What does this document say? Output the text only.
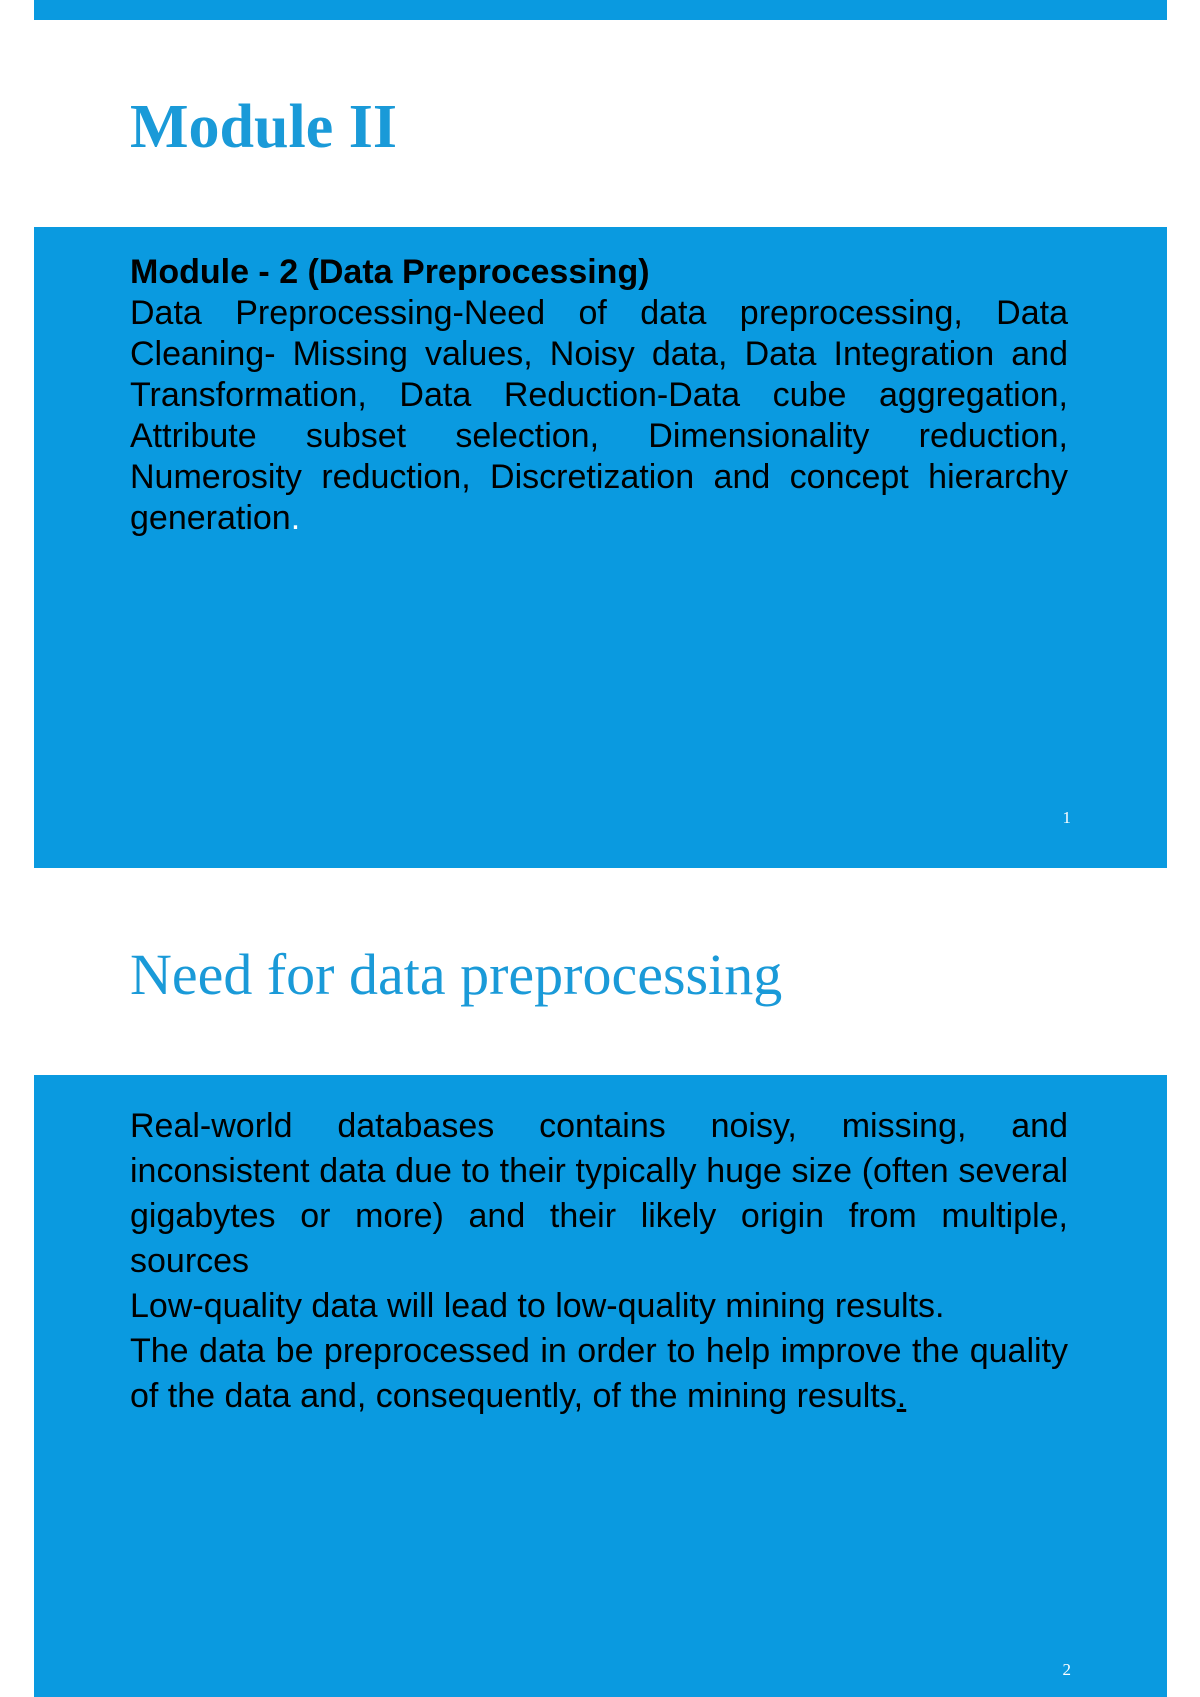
Module II
Module - 2 (Data Preprocessing)
Data Preprocessing-Need of data preprocessing, Data Cleaning- Missing values, Noisy data, Data Integration and Transformation, Data Reduction-Data cube aggregation, Attribute subset selection, Dimensionality reduction, Numerosity reduction, Discretization and concept hierarchy generation.
1
Need for data preprocessing
Real-world databases contains noisy, missing, and inconsistent data due to their typically huge size (often several gigabytes or more) and their likely origin from multiple, sources
Low-quality data will lead to low-quality mining results.
The data be preprocessed in order to help improve the quality of the data and, consequently, of the mining results.
2
